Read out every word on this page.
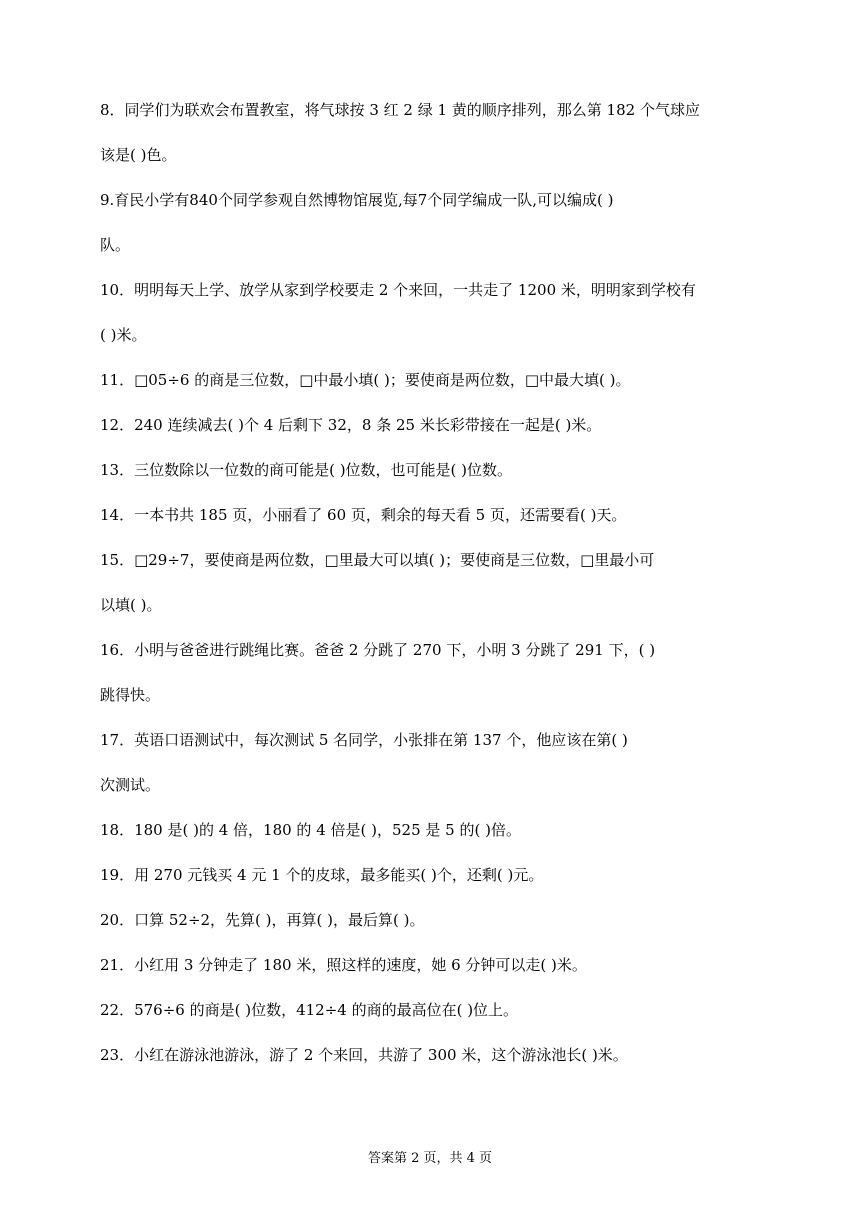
8．同学们为联欢会布置教室，将气球按 3 红 2 绿 1 黄的顺序排列，那么第 182 个气球应
该是( )色。
9.育民小学有840个同学参观自然博物馆展览,每7个同学编成一队,可以编成( )
队。
10．明明每天上学、放学从家到学校要走 2 个来回，一共走了 1200 米，明明家到学校有
( )米。
11．□05÷6 的商是三位数，□中最小填( )；要使商是两位数，□中最大填( )。
12．240 连续减去( )个 4 后剩下 32，8 条 25 米长彩带接在一起是( )米。
13．三位数除以一位数的商可能是( )位数，也可能是( )位数。
14．一本书共 185 页，小丽看了 60 页，剩余的每天看 5 页，还需要看( )天。
15．□29÷7，要使商是两位数，□里最大可以填( )；要使商是三位数，□里最小可
以填( )。
16．小明与爸爸进行跳绳比赛。爸爸 2 分跳了 270 下，小明 3 分跳了 291 下，( )
跳得快。
17．英语口语测试中，每次测试 5 名同学，小张排在第 137 个，他应该在第( )
次测试。
18．180 是( )的 4 倍，180 的 4 倍是( )，525 是 5 的( )倍。
19．用 270 元钱买 4 元 1 个的皮球，最多能买( )个，还剩( )元。
20．口算 52÷2，先算( )，再算( )，最后算( )。
21．小红用 3 分钟走了 180 米，照这样的速度，她 6 分钟可以走( )米。
22．576÷6 的商是( )位数，412÷4 的商的最高位在( )位上。
23．小红在游泳池游泳，游了 2 个来回，共游了 300 米，这个游泳池长( )米。
答案第 2 页，共 4 页
